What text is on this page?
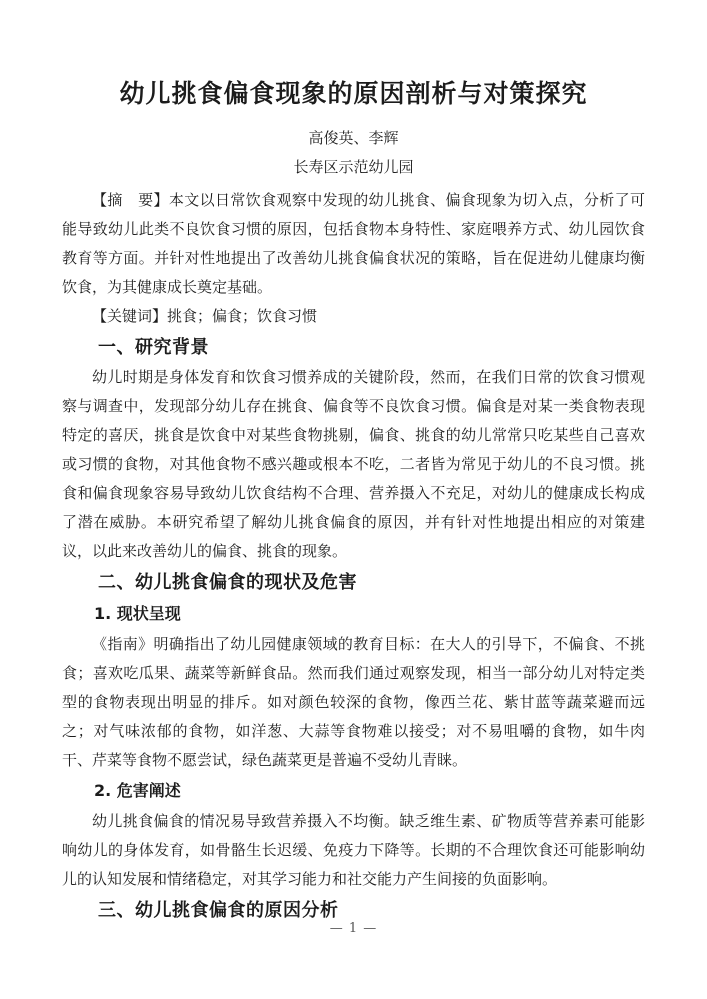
幼儿挑食偏食现象的原因剖析与对策探究

高俊英、李辉

长寿区示范幼儿园

【摘　要】本文以日常饮食观察中发现的幼儿挑食、偏食现象为切入点，分析了可能导致幼儿此类不良饮食习惯的原因，包括食物本身特性、家庭喂养方式、幼儿园饮食教育等方面。并针对性地提出了改善幼儿挑食偏食状况的策略，旨在促进幼儿健康均衡饮食，为其健康成长奠定基础。

【关键词】挑食；偏食；饮食习惯

一、研究背景

幼儿时期是身体发育和饮食习惯养成的关键阶段，然而，在我们日常的饮食习惯观察与调查中，发现部分幼儿存在挑食、偏食等不良饮食习惯。偏食是对某一类食物表现特定的喜厌，挑食是饮食中对某些食物挑剔，偏食、挑食的幼儿常常只吃某些自己喜欢或习惯的食物，对其他食物不感兴趣或根本不吃，二者皆为常见于幼儿的不良习惯。挑食和偏食现象容易导致幼儿饮食结构不合理、营养摄入不充足，对幼儿的健康成长构成了潜在威胁。本研究希望了解幼儿挑食偏食的原因，并有针对性地提出相应的对策建议，以此来改善幼儿的偏食、挑食的现象。

二、幼儿挑食偏食的现状及危害
1. 现状呈现

《指南》明确指出了幼儿园健康领域的教育目标：在大人的引导下，不偏食、不挑食；喜欢吃瓜果、蔬菜等新鲜食品。然而我们通过观察发现，相当一部分幼儿对特定类型的食物表现出明显的排斥。如对颜色较深的食物，像西兰花、紫甘蓝等蔬菜避而远之；对气味浓郁的食物，如洋葱、大蒜等食物难以接受；对不易咀嚼的食物，如牛肉干、芹菜等食物不愿尝试，绿色蔬菜更是普遍不受幼儿青睐。

2. 危害阐述

幼儿挑食偏食的情况易导致营养摄入不均衡。缺乏维生素、矿物质等营养素可能影响幼儿的身体发育，如骨骼生长迟缓、免疫力下降等。长期的不合理饮食还可能影响幼儿的认知发展和情绪稳定，对其学习能力和社交能力产生间接的负面影响。

三、幼儿挑食偏食的原因分析
— 1 —
